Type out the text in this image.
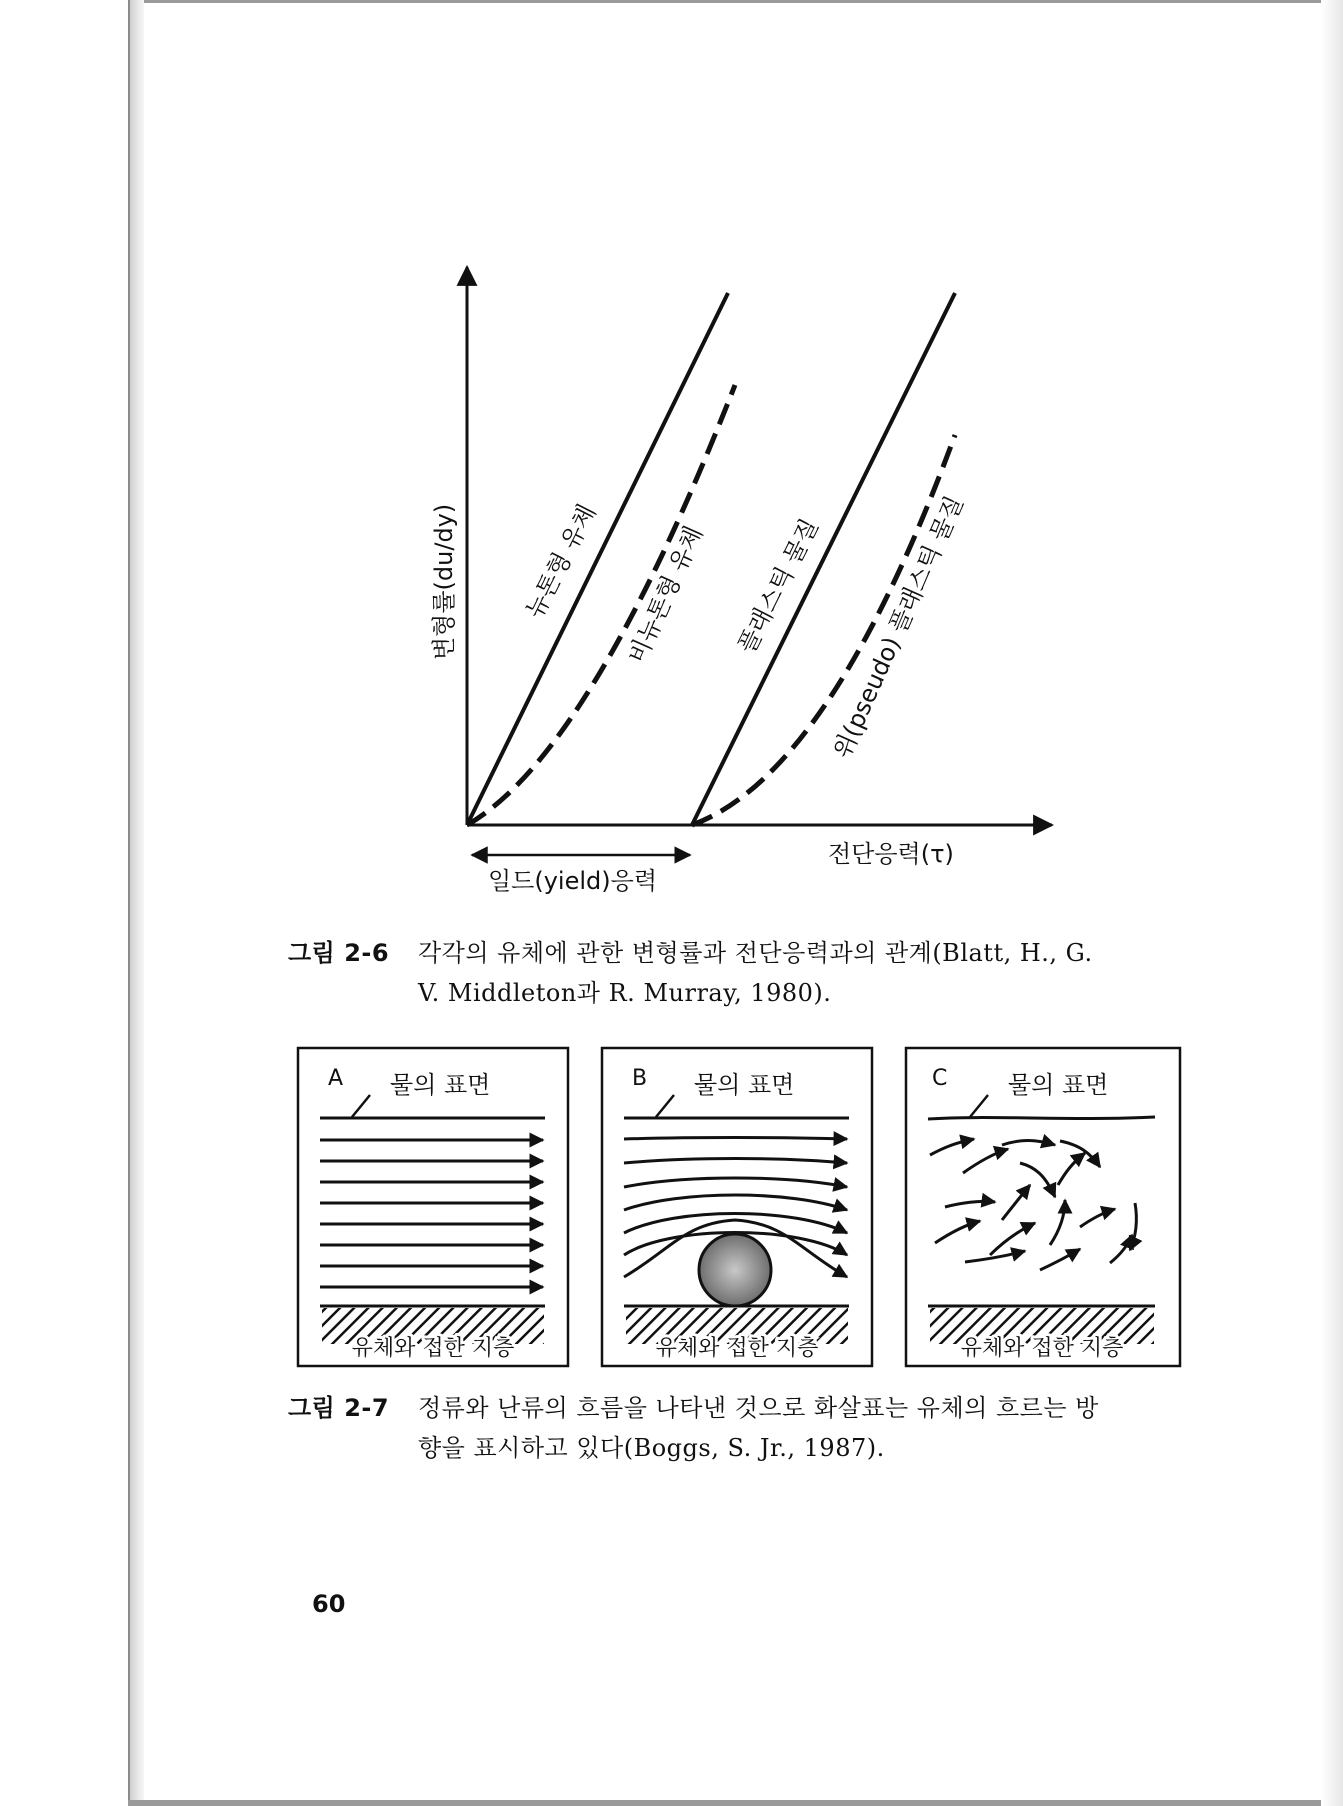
변형률(du/dy)	뉴톤형 유체 비뉴톤형 유체 플래스틱 물질 위(pseudo) 플래스틱 물질
전단응력(τ)
일드(yield)응력
그림 2-6 각각의 유체에 관한 변형률과 전단응력과의 관계(Blatt, H., G.
V. Middleton과 R. Murray, 1980).
A 물의 표면
유체와 접한 지층
B 물의 표면
유체와 접한 지층
C	물의 표면
유체와 접한 지층
그림 2-7 정류와 난류의 흐름을 나타낸 것으로 화살표는 유체의 흐르는 방
향을 표시하고 있다(Boggs, S. Jr., 1987).
60
